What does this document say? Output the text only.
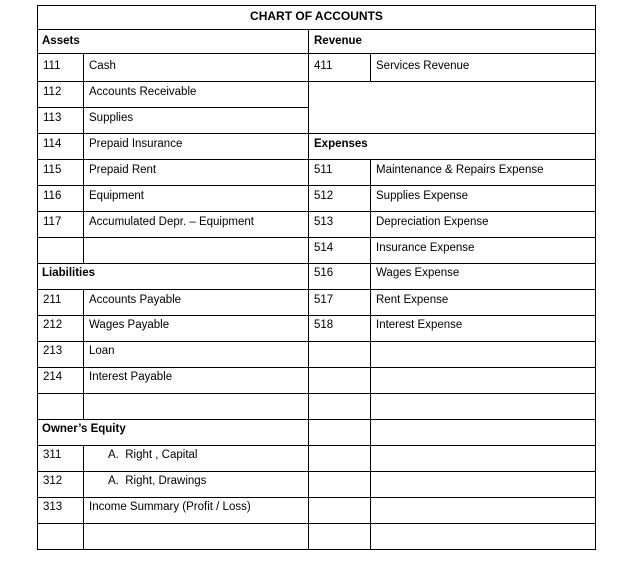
CHART OF ACCOUNTS
Assets
111 Cash
112 Accounts Receivable
113 Supplies
114 Prepaid Insurance
115 Prepaid Rent
116 Equipment
117 Accumulated Depr. – Equipment
Liabilities
211 Accounts Payable
212 Wages Payable
213 Loan
214 Interest Payable
Owner’s Equity
311	A.  Right , Capital
312	A.  Right, Drawings
313 Income Summary (Profit / Loss)
Revenue
411	Services Revenue
Expenses
511	Maintenance & Repairs Expense
512	Supplies Expense
513	Depreciation Expense
514	Insurance Expense
516	Wages Expense
517	Rent Expense
518	Interest Expense
